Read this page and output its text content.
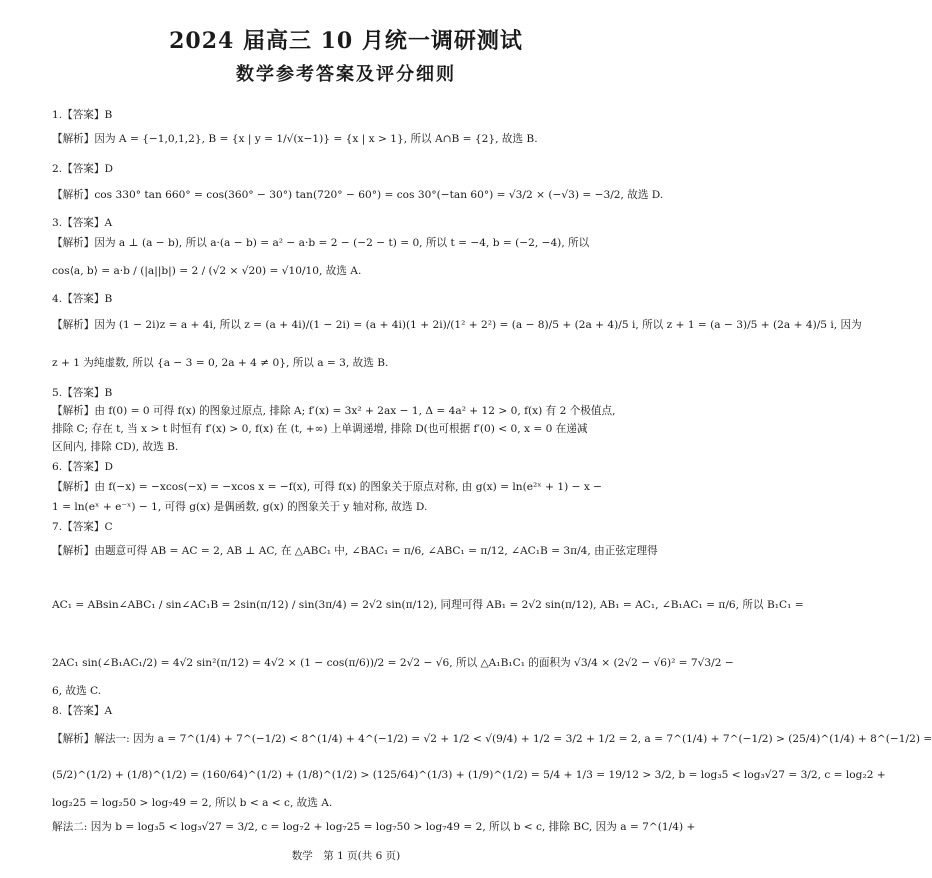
2024 届高三 10 月统一调研测试
数学参考答案及评分细则
1.【答案】B
【解析】因为 A = {−1,0,1,2}, B = {x | y = 1/√(x−1)} = {x | x > 1}, 所以 A∩B = {2}, 故选 B.
2.【答案】D
【解析】cos 330° tan 660° = cos(360° − 30°) tan(720° − 60°) = cos 30°(−tan 60°) = √3/2 × (−√3) = −3/2, 故选 D.
3.【答案】A
【解析】因为 a ⊥ (a − b), 所以 a·(a − b) = a² − a·b = 2 − (−2 − t) = 0, 所以 t = −4, b = (−2, −4), 所以
cos⟨a, b⟩ = a·b / (|a||b|) = 2 / (√2 × √20) = √10/10, 故选 A.
4.【答案】B
【解析】因为 (1 − 2i)z = a + 4i, 所以 z = (a + 4i)/(1 − 2i) = (a + 4i)(1 + 2i)/(1² + 2²) = (a − 8)/5 + (2a + 4)/5 i, 所以 z + 1 = (a − 3)/5 + (2a + 4)/5 i, 因为
z + 1 为纯虚数, 所以 {a − 3 = 0, 2a + 4 ≠ 0}, 所以 a = 3, 故选 B.
5.【答案】B
【解析】由 f(0) = 0 可得 f(x) 的图象过原点, 排除 A; f′(x) = 3x² + 2ax − 1, Δ = 4a² + 12 > 0, f(x) 有 2 个极值点,
排除 C; 存在 t, 当 x > t 时恒有 f′(x) > 0, f(x) 在 (t, +∞) 上单调递增, 排除 D(也可根据 f′(0) < 0, x = 0 在递减
区间内, 排除 CD), 故选 B.
6.【答案】D
【解析】由 f(−x) = −xcos(−x) = −xcos x = −f(x), 可得 f(x) 的图象关于原点对称, 由 g(x) = ln(e²ˣ + 1) − x −
1 = ln(eˣ + e⁻ˣ) − 1, 可得 g(x) 是偶函数, g(x) 的图象关于 y 轴对称, 故选 D.
7.【答案】C
【解析】由题意可得 AB = AC = 2, AB ⊥ AC, 在 △ABC₁ 中, ∠BAC₁ = π/6, ∠ABC₁ = π/12, ∠AC₁B = 3π/4, 由正弦定理得
AC₁ = ABsin∠ABC₁ / sin∠AC₁B = 2sin(π/12) / sin(3π/4) = 2√2 sin(π/12), 同理可得 AB₁ = 2√2 sin(π/12), AB₁ = AC₁, ∠B₁AC₁ = π/6, 所以 B₁C₁ =
2AC₁ sin(∠B₁AC₁/2) = 4√2 sin²(π/12) = 4√2 × (1 − cos(π/6))/2 = 2√2 − √6, 所以 △A₁B₁C₁ 的面积为 √3/4 × (2√2 − √6)² = 7√3/2 −
6, 故选 C.
8.【答案】A
【解析】解法一: 因为 a = 7^(1/4) + 7^(−1/2) < 8^(1/4) + 4^(−1/2) = √2 + 1/2 < √(9/4) + 1/2 = 3/2 + 1/2 = 2, a = 7^(1/4) + 7^(−1/2) > (25/4)^(1/4) + 8^(−1/2) =
(5/2)^(1/2) + (1/8)^(1/2) = (160/64)^(1/2) + (1/8)^(1/2) > (125/64)^(1/3) + (1/9)^(1/2) = 5/4 + 1/3 = 19/12 > 3/2, b = log₃5 < log₃√27 = 3/2, c = log₂2 +
log₂25 = log₂50 > log₇49 = 2, 所以 b < a < c, 故选 A.
解法二: 因为 b = log₃5 < log₃√27 = 3/2, c = log₇2 + log₇25 = log₇50 > log₇49 = 2, 所以 b < c, 排除 BC, 因为 a = 7^(1/4) +
数学　第 1 页(共 6 页)
